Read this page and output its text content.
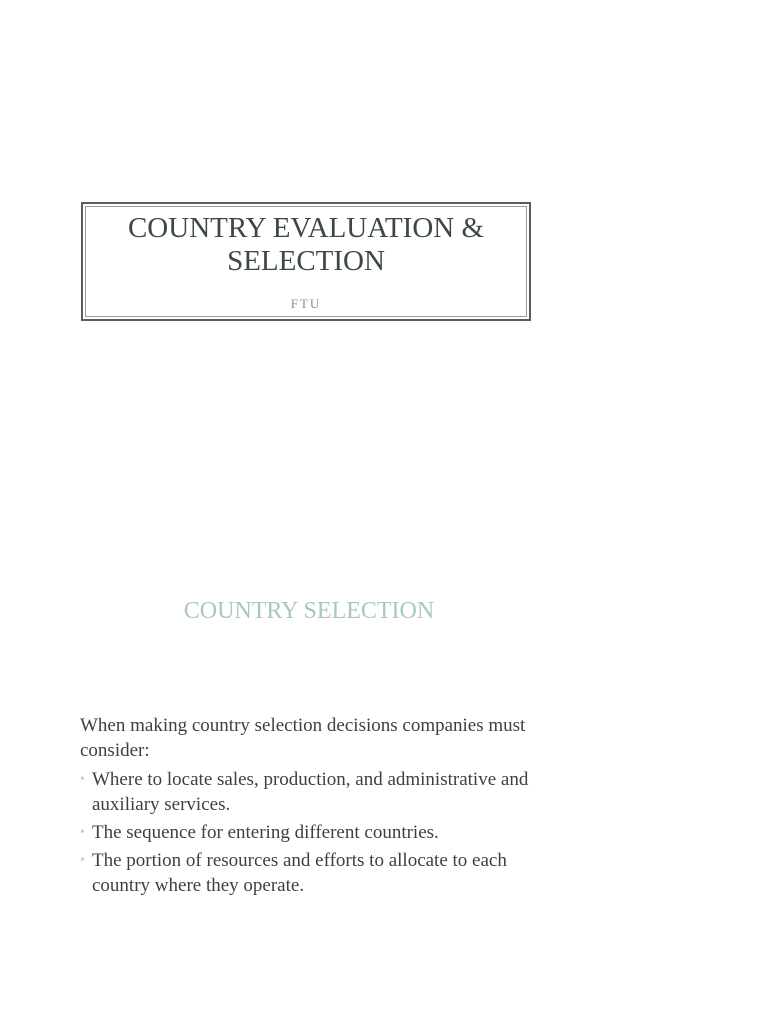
COUNTRY EVALUATION & SELECTION
FTU
COUNTRY SELECTION

When making country selection decisions companies must consider:

• Where to locate sales, production, and administrative and auxiliary services.
• The sequence for entering different countries.
• The portion of resources and efforts to allocate to each country where they operate.
